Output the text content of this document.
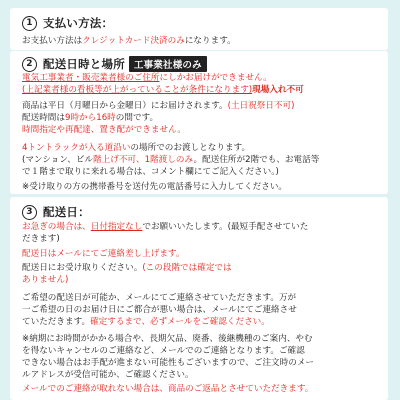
1 支払い方法：
お支払い方法はクレジットカード決済のみになります。
2 配送日時と場所 工事業社様のみ
電気工事業者・販売業者様のご住所にしかお届けができません。
(上記業者様の看板等が上がっていることが条件になります)現場入れ不可
商品は平日（月曜日から金曜日）にお届けされます。(土日祝祭日不可)
配送時間は9時から16時の間です。
時間指定や再配達、置き配ができません。
4トントラックが入る道沿いの場所でのお渡しとなります。
(マンション、ビル階上げ不可、1階渡しのみ。配送住所が2階でも、お電話等
で１階まで取りに来れる場合は、コメント欄にてご記入ください。)
※受け取りの方の携帯番号を送付先の電話番号に入力してください。
3 配送日：
お急ぎの場合は、日付指定なしでお願いいたします。(最短手配させていた
だきます)
配送日はメールにてご連絡差し上げます。
配送日にお受け取りください。(この段階では確定では
ありません)
ご希望の配送日が可能か、メールにてご連絡させていただきます。万が
一ご希望の日のお届け日にご都合が悪い場合は、メールにてご連絡させ
ていただきます。確定するまで、必ずメールをご確認ください。
※納期にお時間がかかる場合や、長期欠品、廃番、後継機種のご案内、やむ
を得ないキャンセルのご連絡など、メールでのご連絡となります。ご確認
できない場合はお手配が進まない可能性もございますので、ご注文時のメー
ルアドレスが受信可能か、ご確認ください。
メールでのご連絡が取れない場合は、商品のご返品とさせていただきます。
